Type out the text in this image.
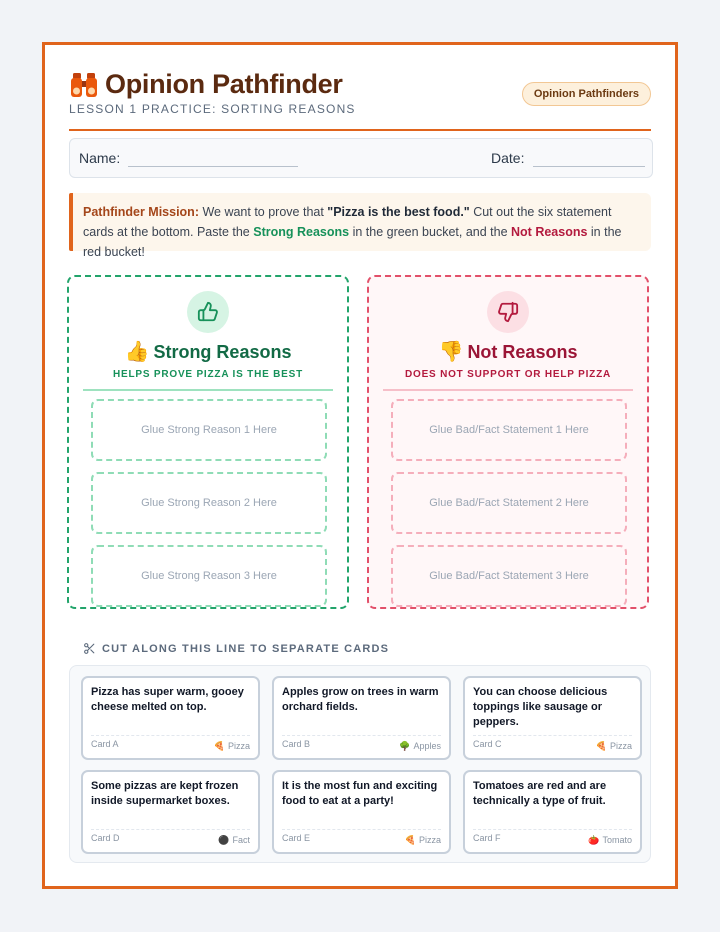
Opinion Pathfinder
LESSON 1 PRACTICE: SORTING REASONS
Opinion Pathfinders
Name:	Date:
Pathfinder Mission: We want to prove that "Pizza is the best food." Cut out the six statement cards at the bottom. Paste the Strong Reasons in the green bucket, and the Not Reasons in the red bucket!
👍 Strong Reasons
HELPS PROVE PIZZA IS THE BEST
Glue Strong Reason 1 Here
Glue Strong Reason 2 Here
Glue Strong Reason 3 Here
👎 Not Reasons
DOES NOT SUPPORT OR HELP PIZZA
Glue Bad/Fact Statement 1 Here
Glue Bad/Fact Statement 2 Here
Glue Bad/Fact Statement 3 Here
CUT ALONG THIS LINE TO SEPARATE CARDS
Pizza has super warm, gooey cheese melted on top.
Card A	🍕 Pizza
Apples grow on trees in warm orchard fields.
Card B	🌳 Apples
You can choose delicious toppings like sausage or peppers.
Card C	🍕 Pizza
Some pizzas are kept frozen inside supermarket boxes.
Card D	⚫ Fact
It is the most fun and exciting food to eat at a party!
Card E	🍕 Pizza
Tomatoes are red and are technically a type of fruit.
Card F	🍅 Tomato
